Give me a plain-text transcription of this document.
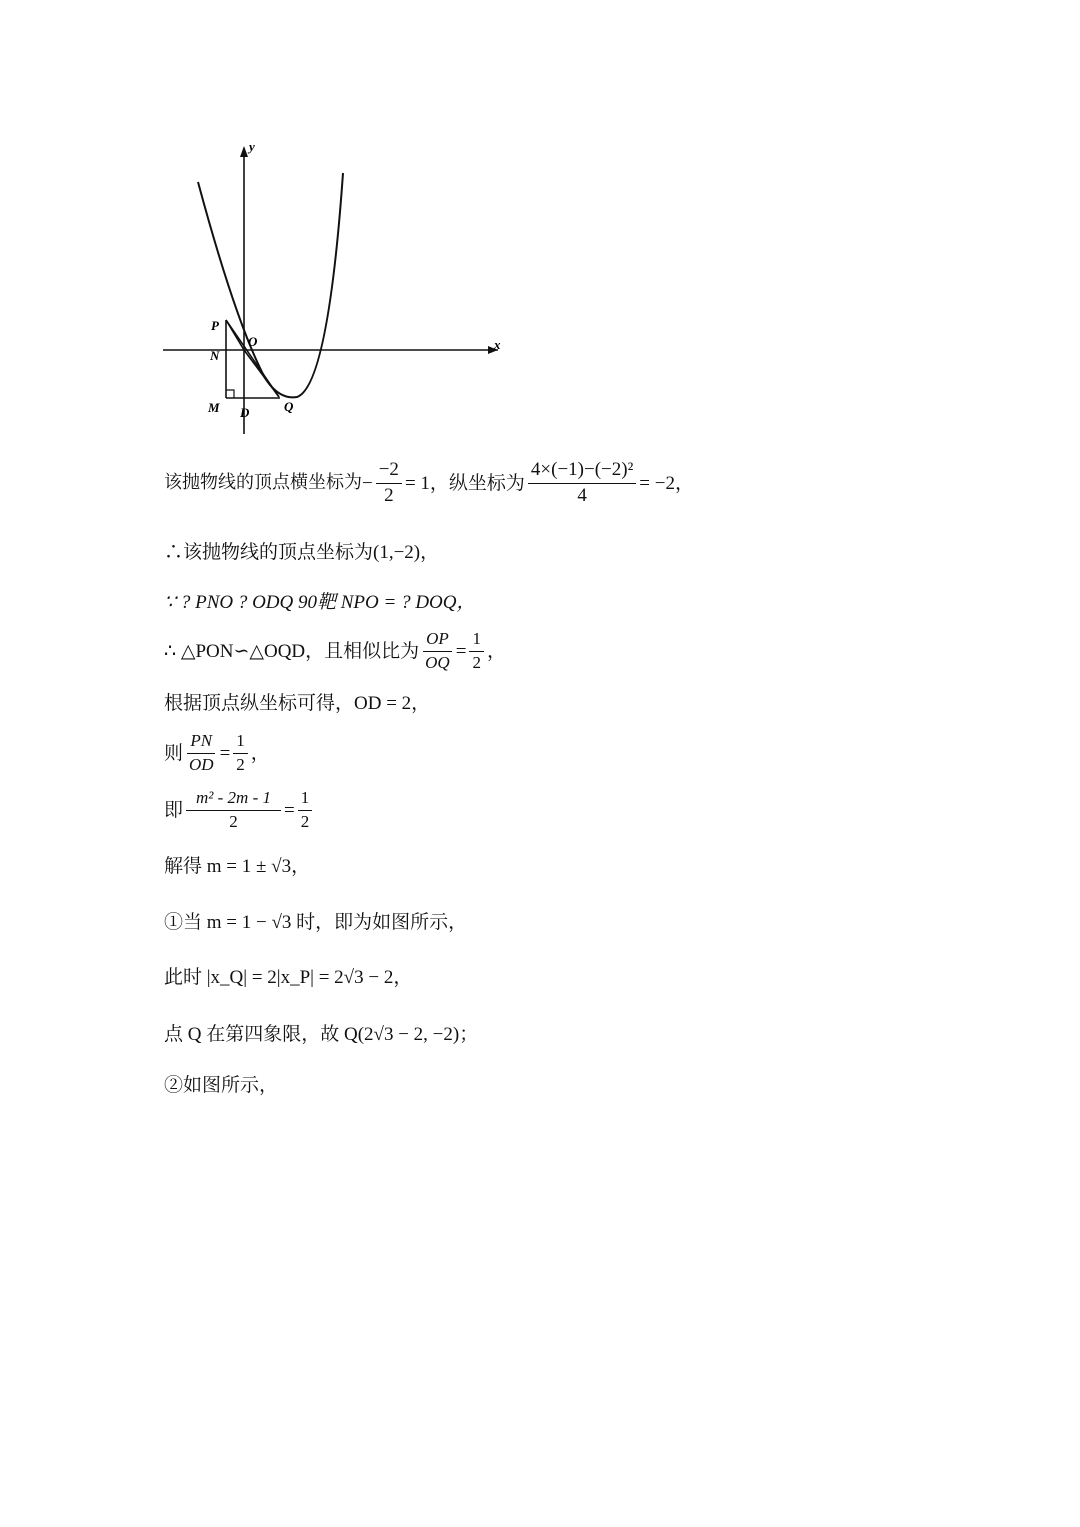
y
x
P
O
N
M D	Q
该抛物线的顶点横坐标为 − $\frac{-2}{2} = 1$，纵坐标为 $\frac{\text{4×(−1)−(−2)²}}{4} = -2$，
∴该抛物线的顶点坐标为(1,−2)，
∵ ? PNO ? ODQ 90靶 NPO = ? DOQ，
∴ △PON∽△OQD，且相似比为 $\frac{OP}{OQ} = \frac{1}{2}$ ，
根据顶点纵坐标可得，OD = 2，
则 $\frac{PN}{OD} = \frac{1}{2}$ ，
即 $\frac{\text{m² - 2m - 1}}{2} = \frac{1}{2}$
解得 m = 1 ± √3，
①当 m = 1 − √3 时，即为如图所示，
此时 |x_Q| = 2|x_P| = 2√3 − 2，
点 Q 在第四象限，故 Q(2√3 − 2, −2)；
②如图所示，
